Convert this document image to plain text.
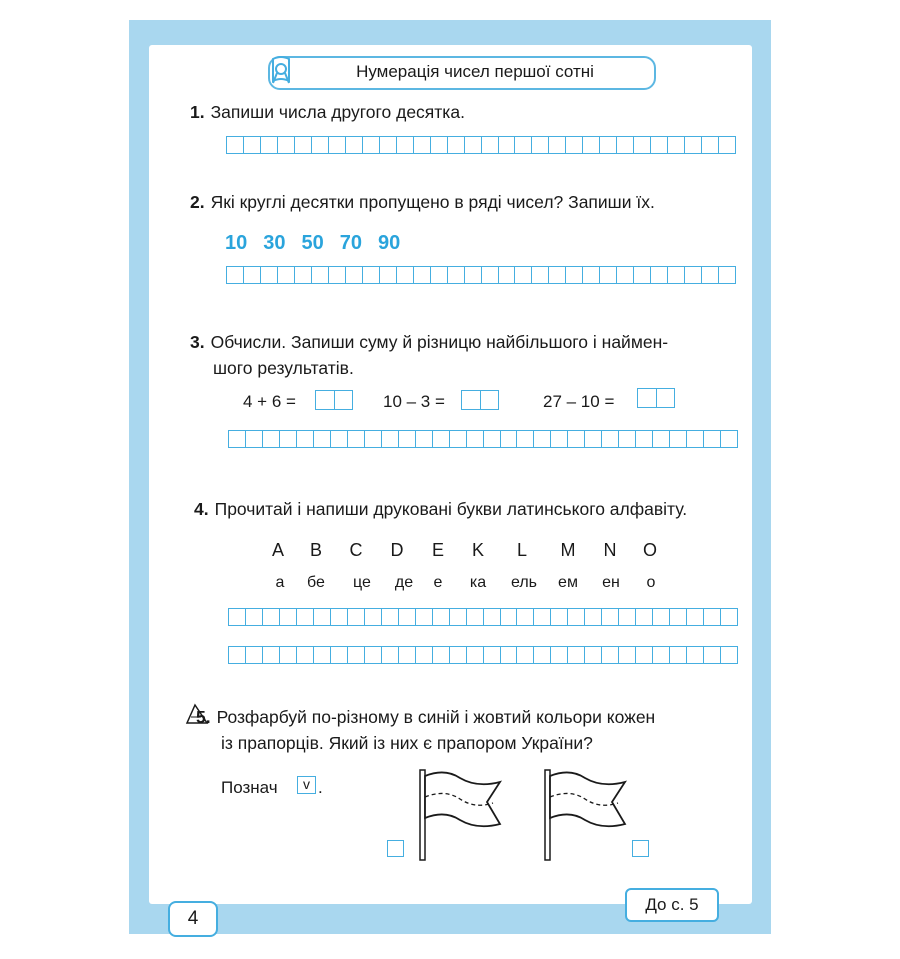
Нумерація чисел першої сотні
1. Запиши числа другого десятка.
2. Які круглі десятки пропущено в ряді чисел? Запиши їх.
10 30 50 70 90
3. Обчисли. Запиши суму й різницю найбільшого і наймен-
шого результатів.
4 + 6 =	10 – 3 =	27 – 10 =
4. Прочитай і напиши друковані букви латинського алфавіту.
A	B	C	D	E	K	L	M	N	O
а	бе	це	де	е	ка	ель	ем	ен	о
5. Розфарбуй по-різному в синій і жовтий кольори кожен
із прапорців. Який із них є прапором України?
Познач	v .
4
До с. 5
